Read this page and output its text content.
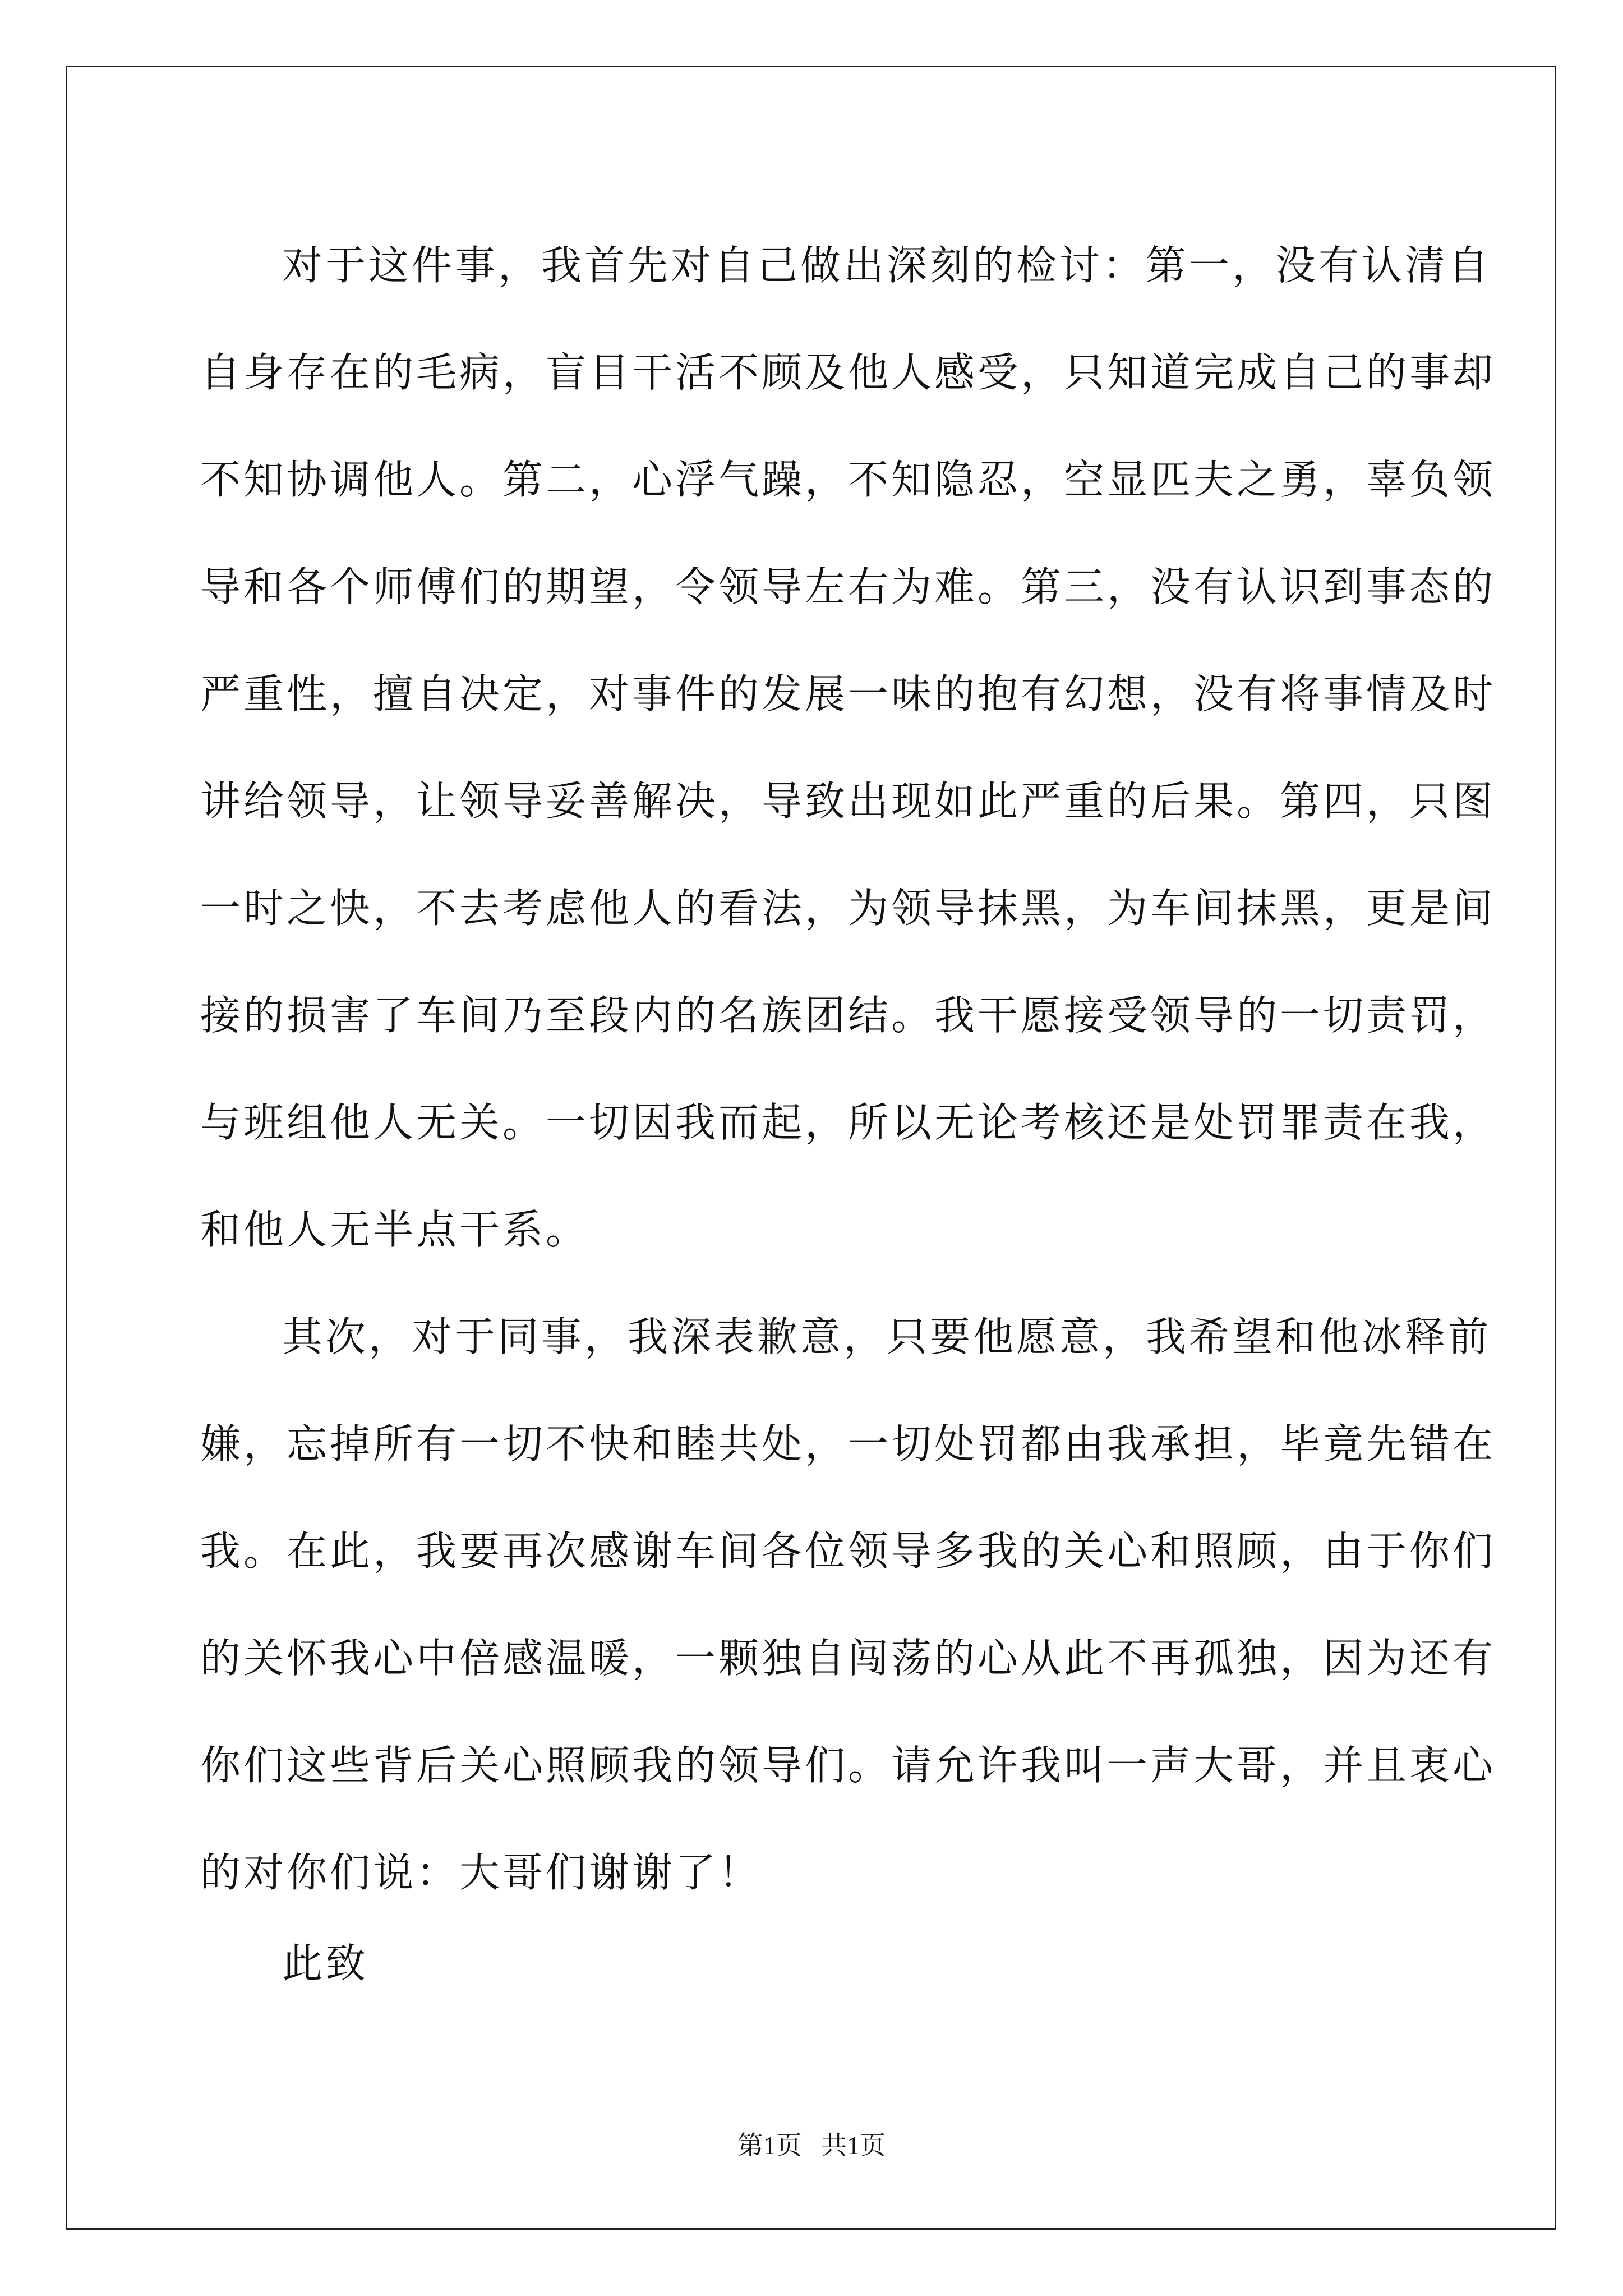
对于这件事，我首先对自己做出深刻的检讨：第一，没有认清自
自身存在的毛病，盲目干活不顾及他人感受，只知道完成自己的事却
不知协调他人。第二，心浮气躁，不知隐忍，空显匹夫之勇，辜负领
导和各个师傅们的期望，令领导左右为难。第三，没有认识到事态的
严重性，擅自决定，对事件的发展一味的抱有幻想，没有将事情及时
讲给领导，让领导妥善解决，导致出现如此严重的后果。第四，只图
一时之快，不去考虑他人的看法，为领导抹黑，为车间抹黑，更是间
接的损害了车间乃至段内的名族团结。我干愿接受领导的一切责罚，
与班组他人无关。一切因我而起，所以无论考核还是处罚罪责在我，
和他人无半点干系。
其次，对于同事，我深表歉意，只要他愿意，我希望和他冰释前
嫌，忘掉所有一切不快和睦共处，一切处罚都由我承担，毕竟先错在
我。在此，我要再次感谢车间各位领导多我的关心和照顾，由于你们
的关怀我心中倍感温暖，一颗独自闯荡的心从此不再孤独，因为还有
你们这些背后关心照顾我的领导们。请允许我叫一声大哥，并且衷心
的对你们说：大哥们谢谢了！
此致
第1页   共1页
